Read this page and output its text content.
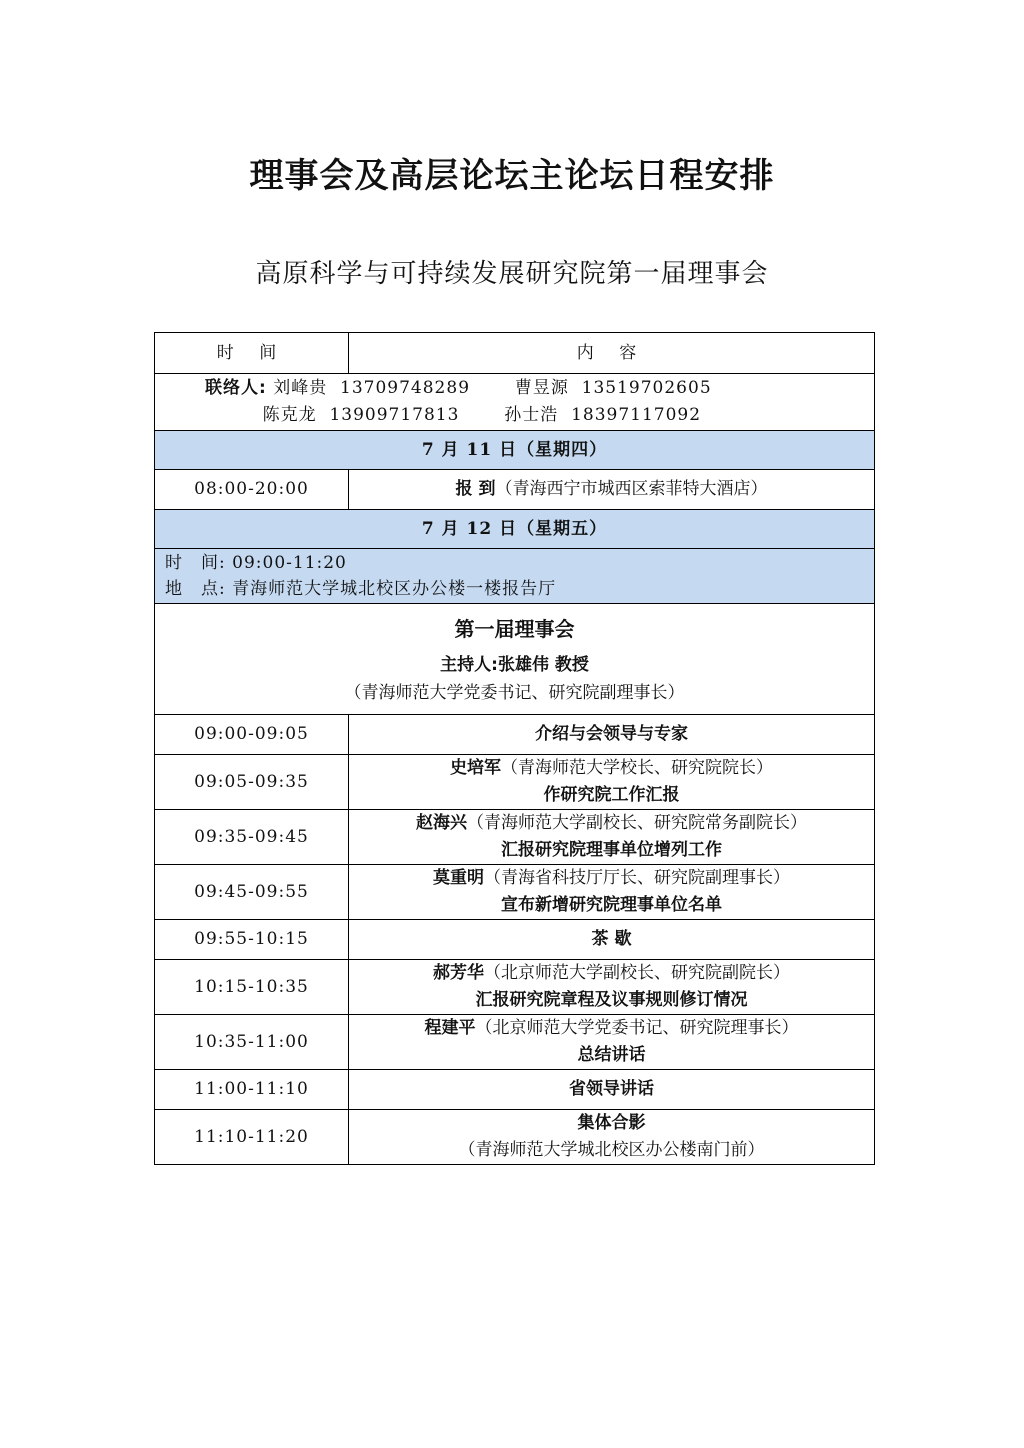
理事会及高层论坛主论坛日程安排
高原科学与可持续发展研究院第一届理事会
时 间	内 容

联络人: 刘峰贵 13709748289 曹昱源 13519702605
陈克龙 13909717813 孙士浩 18397117092	

7 月 11 日（星期四）	
08:00-20:00	报 到（青海西宁市城西区索菲特大酒店）
7 月 12 日（星期五）	

时　间: 09:00-11:20
地　点: 青海师范大学城北校区办公楼一楼报告厅	

第一届理事会
主持人:张雄伟 教授
（青海师范大学党委书记、研究院副理事长）	

09:00-09:05	介绍与会领导与专家
09:05-09:35	史培军（青海师范大学校长、研究院院长）
作研究院工作汇报

09:35-09:45	赵海兴（青海师范大学副校长、研究院常务副院长）
汇报研究院理事单位增列工作

09:45-09:55	莫重明（青海省科技厅厅长、研究院副理事长）
宣布新增研究院理事单位名单

09:55-10:15	茶 歇
10:15-10:35	郝芳华（北京师范大学副校长、研究院副院长）
汇报研究院章程及议事规则修订情况

10:35-11:00	程建平（北京师范大学党委书记、研究院理事长）
总结讲话

11:00-11:10	省领导讲话
11:10-11:20	集体合影
（青海师范大学城北校区办公楼南门前）
